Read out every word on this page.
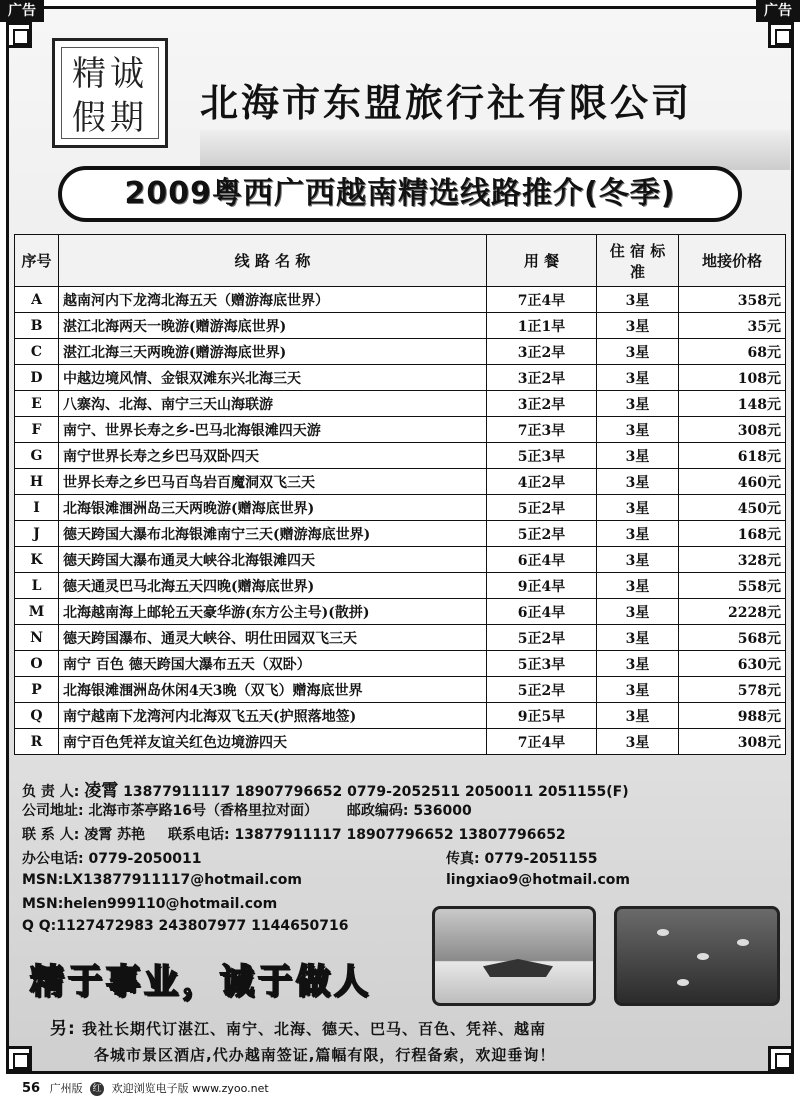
广告	广告
精诚
假期 北海市东盟旅行社有限公司
2009粤西广西越南精选线路推介(冬季)
序号	线 路 名 称	用 餐	住 宿 标 准	地接价格
A	越南河内下龙湾北海五天（赠游海底世界）	7正4早	3星	358元
B	湛江北海两天一晚游(赠游海底世界)	1正1早	3星	35元
C	湛江北海三天两晚游(赠游海底世界)	3正2早	3星	68元
D	中越边境风情、金银双滩东兴北海三天	3正2早	3星	108元
E	八寨沟、北海、南宁三天山海联游	3正2早	3星	148元
F	南宁、世界长寿之乡-巴马北海银滩四天游	7正3早	3星	308元
G	南宁世界长寿之乡巴马双卧四天	5正3早	3星	618元
H	世界长寿之乡巴马百鸟岩百魔洞双飞三天	4正2早	3星	460元
I	北海银滩涠洲岛三天两晚游(赠海底世界)	5正2早	3星	450元
J	德天跨国大瀑布北海银滩南宁三天(赠游海底世界)	5正2早	3星	168元
K	德天跨国大瀑布通灵大峡谷北海银滩四天	6正4早	3星	328元
L	德天通灵巴马北海五天四晚(赠海底世界)	9正4早	3星	558元
M	北海越南海上邮轮五天豪华游(东方公主号)(散拼)	6正4早	3星	2228元
N	德天跨国瀑布、通灵大峡谷、明仕田园双飞三天	5正2早	3星	568元
O	南宁 百色 德天跨国大瀑布五天（双卧）	5正3早	3星	630元
P	北海银滩涠洲岛休闲4天3晚（双飞）赠海底世界	5正2早	3星	578元
Q	南宁越南下龙湾河内北海双飞五天(护照落地签)	9正5早	3星	988元
R	南宁百色凭祥友谊关红色边境游四天	7正4早	3星	308元
负 责 人: 凌霄 13877911117 18907796652 0779-2052511 2050011 2051155(F)
公司地址: 北海市茶亭路16号（香格里拉对面） 邮政编码: 536000
联 系 人: 凌霄 苏艳 联系电话: 13877911117 18907796652 13807796652
办公电话: 0779-2050011	传真: 0779-2051155
MSN:LX13877911117@hotmail.com	lingxiao9@hotmail.com
MSN:helen999110@hotmail.com
Q Q:1127472983 243807977 1144650716
精于事业，诚于做人
另: 我社长期代订湛江、南宁、北海、德天、巴马、百色、凭祥、越南
各城市景区酒店,代办越南签证,篇幅有限，行程备索，欢迎垂询！
56 广州版 红 欢迎浏览电子版 www.zyoo.net
